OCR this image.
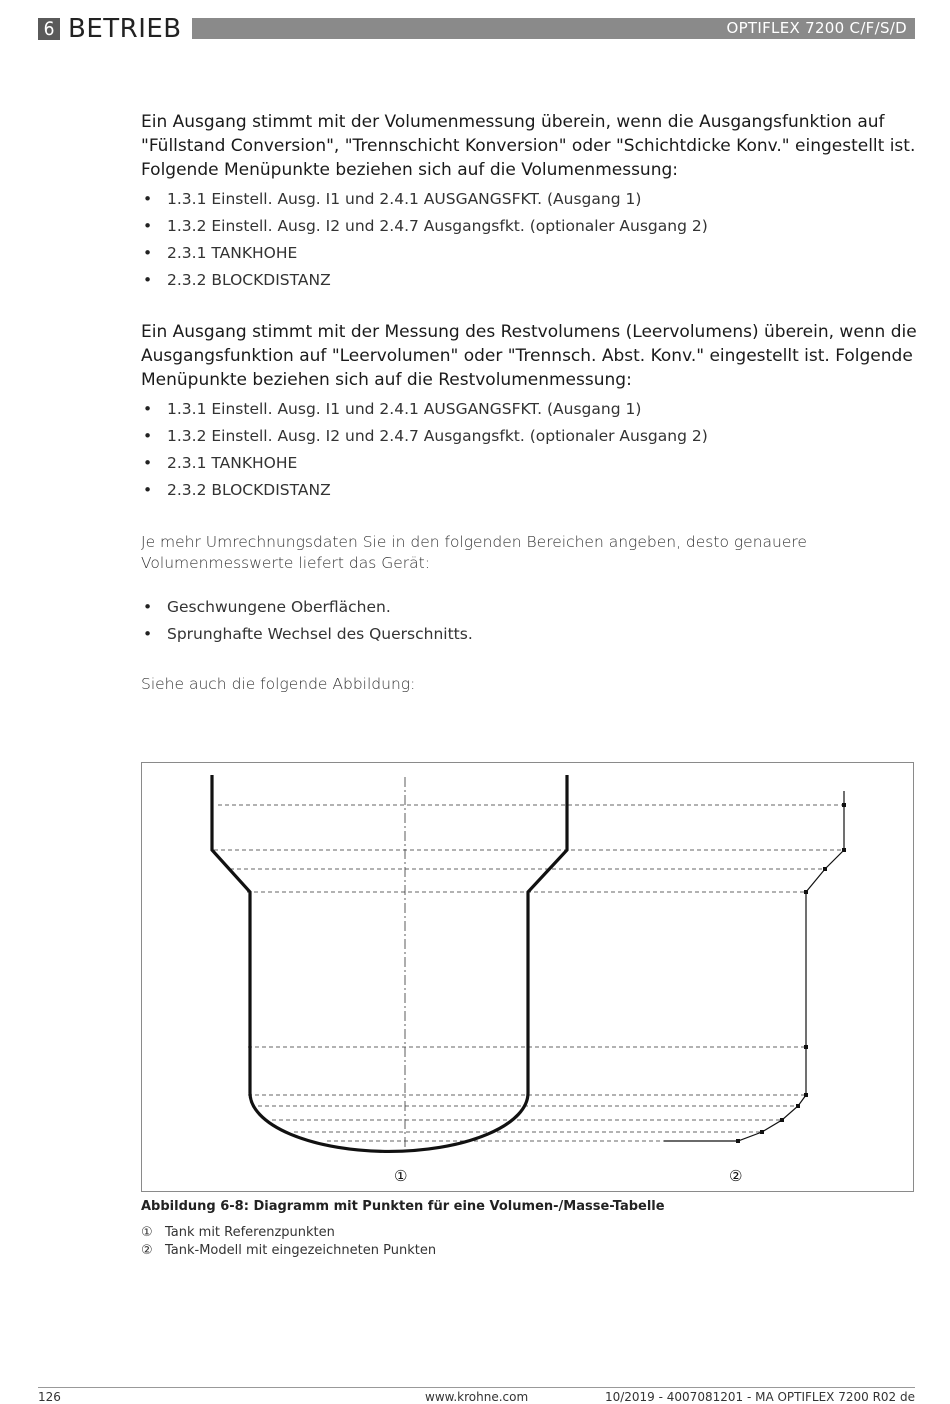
6 BETRIEB	OPTIFLEX 7200 C/F/S/D

Ein Ausgang stimmt mit der Volumenmessung überein, wenn die Ausgangsfunktion auf "Füllstand Conversion", "Trennschicht Konversion" oder "Schichtdicke Konv." eingestellt ist. Folgende Menüpunkte beziehen sich auf die Volumenmessung:

• 1.3.1 Einstell. Ausg. I1 und 2.4.1 AUSGANGSFKT. (Ausgang 1)
• 1.3.2 Einstell. Ausg. I2 und 2.4.7 Ausgangsfkt. (optionaler Ausgang 2)
• 2.3.1 TANKHOHE
• 2.3.2 BLOCKDISTANZ

Ein Ausgang stimmt mit der Messung des Restvolumens (Leervolumens) überein, wenn die Ausgangsfunktion auf "Leervolumen" oder "Trennsch. Abst. Konv." eingestellt ist. Folgende Menüpunkte beziehen sich auf die Restvolumenmessung:

• 1.3.1 Einstell. Ausg. I1 und 2.4.1 AUSGANGSFKT. (Ausgang 1)
• 1.3.2 Einstell. Ausg. I2 und 2.4.7 Ausgangsfkt. (optionaler Ausgang 2)
• 2.3.1 TANKHOHE
• 2.3.2 BLOCKDISTANZ

Je mehr Umrechnungsdaten Sie in den folgenden Bereichen angeben, desto genauere Volumenmesswerte liefert das Gerät:

• Geschwungene Oberflächen.
• Sprunghafte Wechsel des Querschnitts.

Siehe auch die folgende Abbildung:

①	②
Abbildung 6-8: Diagramm mit Punkten für eine Volumen-/Masse-Tabelle
① Tank mit Referenzpunkten
② Tank-Modell mit eingezeichneten Punkten
126	www.krohne.com	10/2019 - 4007081201 - MA OPTIFLEX 7200 R02 de
